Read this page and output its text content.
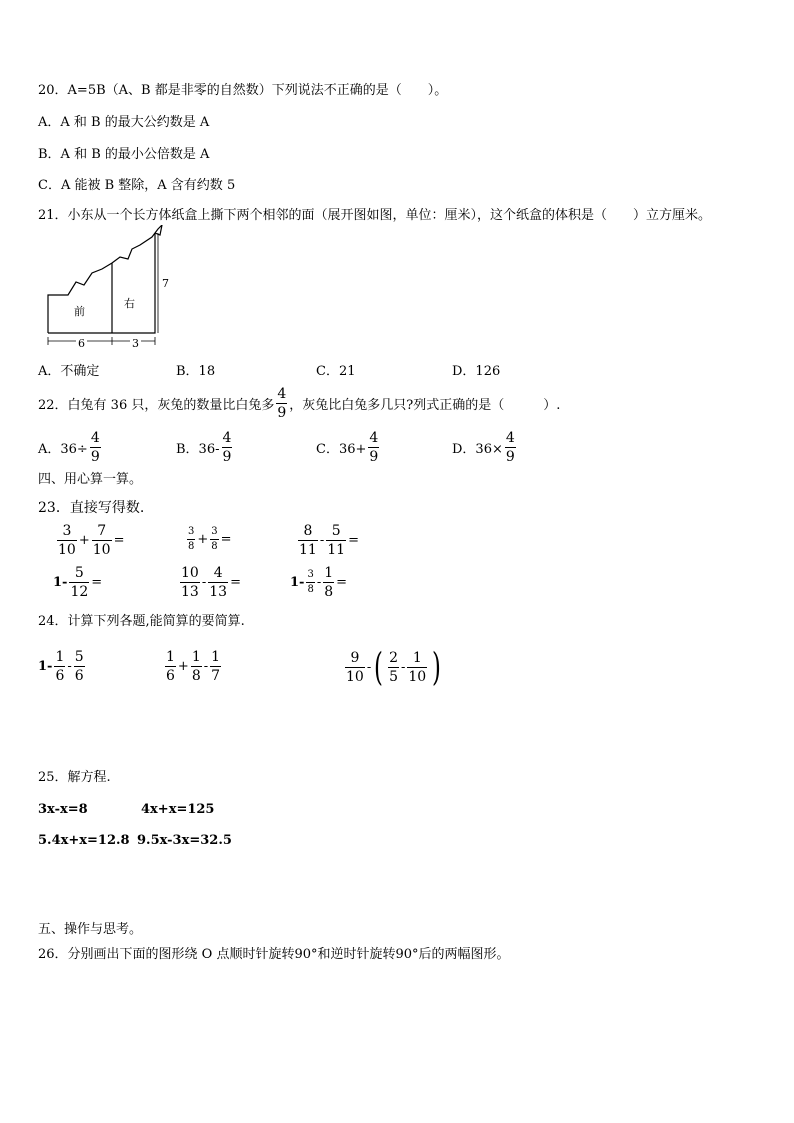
20．A=5B（A、B 都是非零的自然数）下列说法不正确的是（　　）。
A．A 和 B 的最大公约数是 A
B．A 和 B 的最小公倍数是 A
C．A 能被 B 整除，A 含有约数 5
21．小东从一个长方体纸盒上撕下两个相邻的面（展开图如图，单位：厘米），这个纸盒的体积是（　　）立方厘米。
前
右
7
6	3
A．不确定	B．18	C．21	D．126
22．白兔有 36 只，灰兔的数量比白兔多 $\frac{4}{9}$ ，灰兔比白兔多几只?列式正确的是（　　　）.
A．$36\div \frac{4}{9}$	B．$36- \frac{4}{9}$	C．$36+ \frac{4}{9}$	D．$36\times \frac{4}{9}$
四、用心算一算。
23．直接写得数.
$\frac{3}{10} + \frac{7}{10}$ =	$\frac{3}{8} + \frac{3}{8}$ =	$\frac{8}{11} - \frac{5}{11}$ =
$1- \frac{5}{12}$ =	$\frac{10}{13} - \frac{4}{13}$ =	$1- \frac{3}{8} - \frac{1}{8}$ =
24．计算下列各题,能简算的要简算.
$1- \frac{1}{6} - \frac{5}{6}$	$\frac{1}{6} + \frac{1}{8} - \frac{1}{7}$	$\frac{9}{10}$ - ( $\frac{2}{5} - \frac{1}{10}$ )
25．解方程.
3x-x=8	4x+x=125
5.4x+x=12.8 9.5x-3x=32.5
五、操作与思考。
26．分别画出下面的图形绕 O 点顺时针旋转90°和逆时针旋转90°后的两幅图形。
